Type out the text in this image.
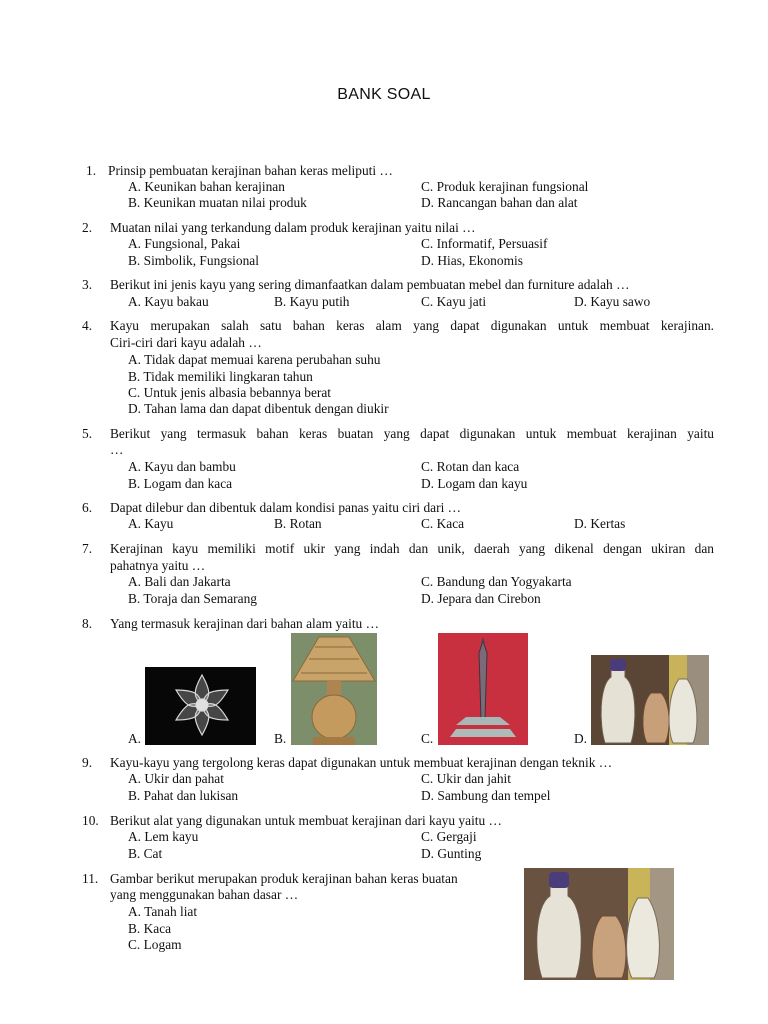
BANK SOAL
1. Prinsip pembuatan kerajinan bahan keras meliputi …
A. Keunikan bahan kerajinan
B. Keunikan muatan nilai produk
C. Produk kerajinan fungsional
D. Rancangan bahan dan alat
2. Muatan nilai yang terkandung dalam produk kerajinan yaitu nilai …
A. Fungsional, Pakai
B. Simbolik, Fungsional
C. Informatif, Persuasif
D. Hias, Ekonomis
3. Berikut ini jenis kayu yang sering dimanfaatkan dalam pembuatan mebel dan furniture adalah …
A. Kayu bakau	B. Kayu putih	C. Kayu jati	D. Kayu sawo
4. Kayu merupakan salah satu bahan keras alam yang dapat digunakan untuk membuat kerajinan.
Ciri-ciri dari kayu adalah …
A. Tidak dapat memuai karena perubahan suhu
B. Tidak memiliki lingkaran tahun
C. Untuk jenis albasia bebannya berat
D. Tahan lama dan dapat dibentuk dengan diukir
5. Berikut yang termasuk bahan keras buatan yang dapat digunakan untuk membuat kerajinan yaitu
…
A. Kayu dan bambu
B. Logam dan kaca
C. Rotan dan kaca
D. Logam dan kayu
6. Dapat dilebur dan dibentuk dalam kondisi panas yaitu ciri dari …
A. Kayu	B. Rotan	C. Kaca	D. Kertas
7. Kerajinan kayu memiliki motif ukir yang indah dan unik, daerah yang dikenal dengan ukiran dan
pahatnya yaitu …
A. Bali dan Jakarta
B. Toraja dan Semarang
C. Bandung dan Yogyakarta
D. Jepara dan Cirebon
8. Yang termasuk kerajinan dari bahan alam yaitu …
A.	B.	C.	D.
9. Kayu-kayu yang tergolong keras dapat digunakan untuk membuat kerajinan dengan teknik …
A. Ukir dan pahat
B. Pahat dan lukisan
C. Ukir dan jahit
D. Sambung dan tempel
10. Berikut alat yang digunakan untuk membuat kerajinan dari kayu yaitu …
A. Lem kayu
B. Cat
C. Gergaji
D. Gunting
11. Gambar berikut merupakan produk kerajinan bahan keras buatan
yang menggunakan bahan dasar …
A. Tanah liat
B. Kaca
C. Logam
